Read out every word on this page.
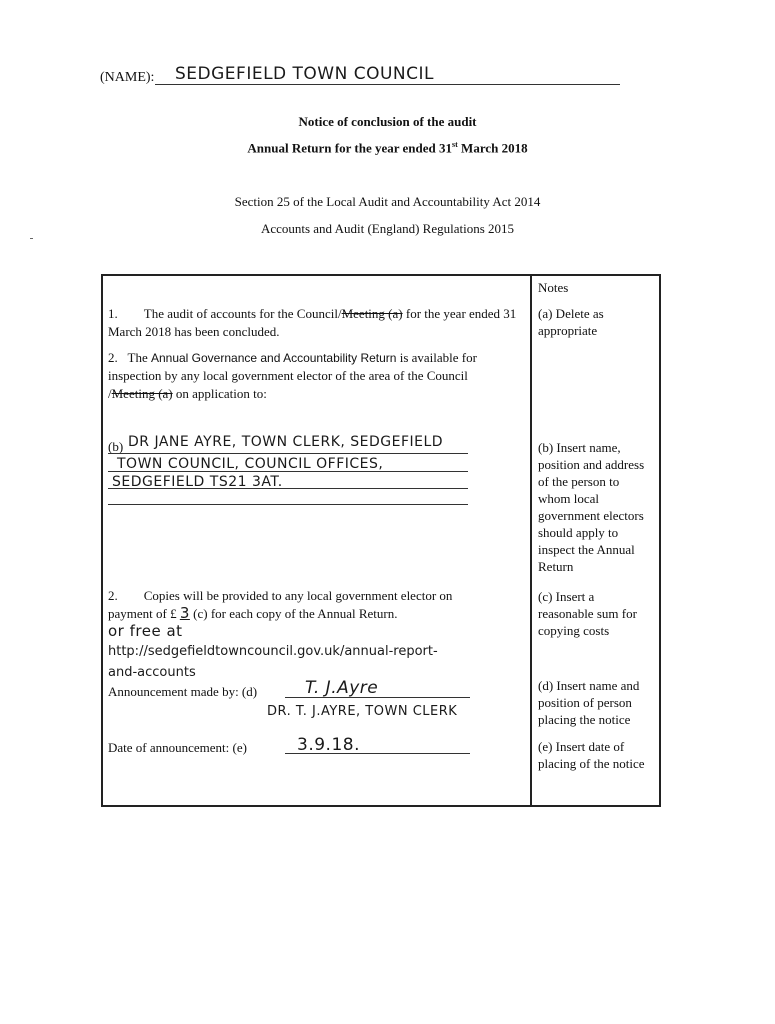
(NAME): SEDGEFIELD TOWN COUNCIL
Notice of conclusion of the audit
Annual Return for the year ended 31st March 2018
Section 25 of the Local Audit and Accountability Act 2014
Accounts and Audit (England) Regulations 2015
Notes
(a) Delete as appropriate
(b) Insert name, position and address of the person to whom local government electors should apply to inspect the Annual Return
(c) Insert a reasonable sum for copying costs
(d) Insert name and position of person placing the notice
(e) Insert date of placing of the notice
1. The audit of accounts for the Council/Meeting (a) for the year ended 31 March 2018 has been concluded.
2. The Annual Governance and Accountability Return is available for inspection by any local government elector of the area of the Council /Meeting (a) on application to:
(b) DR JANE AYRE, TOWN CLERK, SEDGEFIELD
TOWN COUNCIL, COUNCIL OFFICES,
SEDGEFIELD TS21 3AT.
2. Copies will be provided to any local government elector on
payment of £ 3 (c) for each copy of the Annual Return.
or free at
http://sedgefieldtowncouncil.gov.uk/annual-report-
and-accounts
Announcement made by: (d)	T. J.Ayre
DR. T. J.AYRE, TOWN CLERK
Date of announcement: (e)	3.9.18.
